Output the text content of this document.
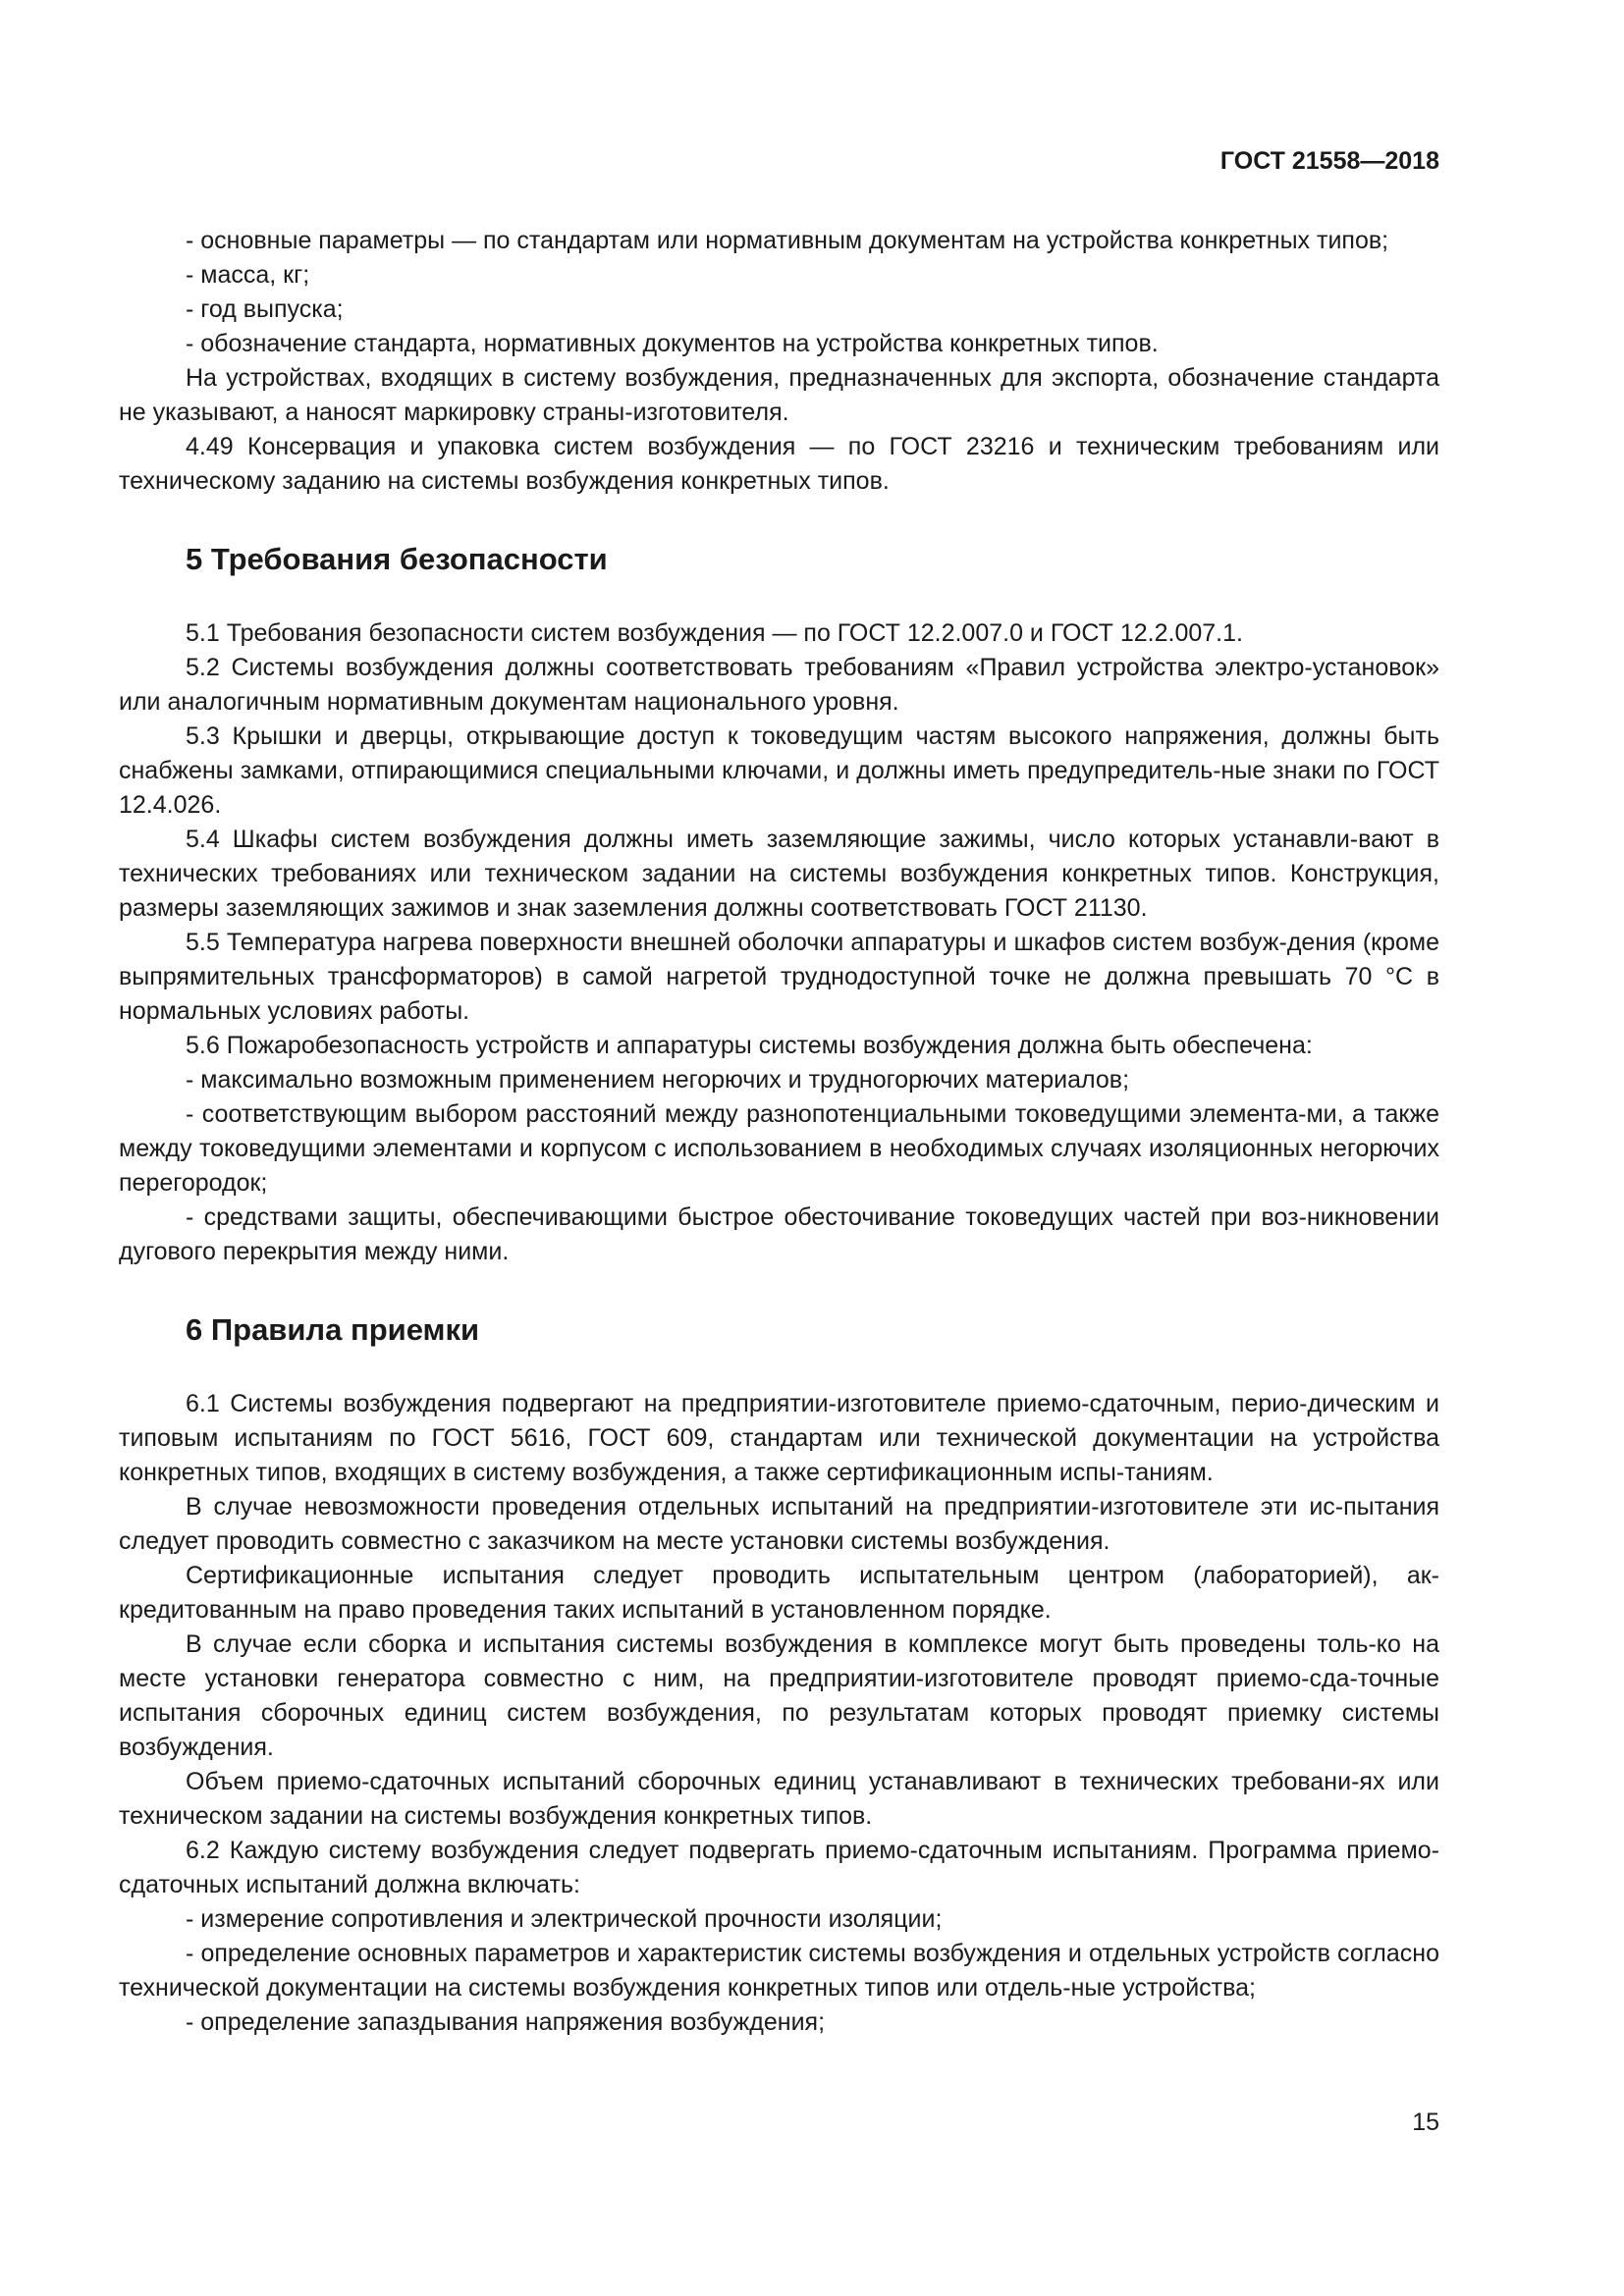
ГОСТ 21558—2018

- основные параметры — по стандартам или нормативным документам на устройства конкретных типов;

- масса, кг;

- год выпуска;

- обозначение стандарта, нормативных документов на устройства конкретных типов.

На устройствах, входящих в систему возбуждения, предназначенных для экспорта, обозначение стандарта не указывают, а наносят маркировку страны-изготовителя.

4.49 Консервация и упаковка систем возбуждения — по ГОСТ 23216 и техническим требованиям или техническому заданию на системы возбуждения конкретных типов.

5 Требования безопасности

5.1 Требования безопасности систем возбуждения — по ГОСТ 12.2.007.0 и ГОСТ 12.2.007.1.

5.2 Системы возбуждения должны соответствовать требованиям «Правил устройства электро-установок» или аналогичным нормативным документам национального уровня.

5.3 Крышки и дверцы, открывающие доступ к токоведущим частям высокого напряжения, должны быть снабжены замками, отпирающимися специальными ключами, и должны иметь предупредитель-ные знаки по ГОСТ 12.4.026.

5.4 Шкафы систем возбуждения должны иметь заземляющие зажимы, число которых устанавли-вают в технических требованиях или техническом задании на системы возбуждения конкретных типов. Конструкция, размеры заземляющих зажимов и знак заземления должны соответствовать ГОСТ 21130.

5.5 Температура нагрева поверхности внешней оболочки аппаратуры и шкафов систем возбуж-дения (кроме выпрямительных трансформаторов) в самой нагретой труднодоступной точке не должна превышать 70 °С в нормальных условиях работы.

5.6 Пожаробезопасность устройств и аппаратуры системы возбуждения должна быть обеспечена:

- максимально возможным применением негорючих и трудногорючих материалов;

- соответствующим выбором расстояний между разнопотенциальными токоведущими элемента-ми, а также между токоведущими элементами и корпусом с использованием в необходимых случаях изоляционных негорючих перегородок;

- средствами защиты, обеспечивающими быстрое обесточивание токоведущих частей при воз-никновении дугового перекрытия между ними.

6 Правила приемки

6.1 Системы возбуждения подвергают на предприятии-изготовителе приемо-сдаточным, перио-дическим и типовым испытаниям по ГОСТ 5616, ГОСТ 609, стандартам или технической документации на устройства конкретных типов, входящих в систему возбуждения, а также сертификационным испы-таниям.

В случае невозможности проведения отдельных испытаний на предприятии-изготовителе эти ис-пытания следует проводить совместно с заказчиком на месте установки системы возбуждения.

Сертификационные испытания следует проводить испытательным центром (лабораторией), ак-кредитованным на право проведения таких испытаний в установленном порядке.

В случае если сборка и испытания системы возбуждения в комплексе могут быть проведены толь-ко на месте установки генератора совместно с ним, на предприятии-изготовителе проводят приемо-сда-точные испытания сборочных единиц систем возбуждения, по результатам которых проводят приемку системы возбуждения.

Объем приемо-сдаточных испытаний сборочных единиц устанавливают в технических требовани-ях или техническом задании на системы возбуждения конкретных типов.

6.2 Каждую систему возбуждения следует подвергать приемо-сдаточным испытаниям. Программа приемо-сдаточных испытаний должна включать:

- измерение сопротивления и электрической прочности изоляции;

- определение основных параметров и характеристик системы возбуждения и отдельных устройств согласно технической документации на системы возбуждения конкретных типов или отдель-ные устройства;

- определение запаздывания напряжения возбуждения;

15
